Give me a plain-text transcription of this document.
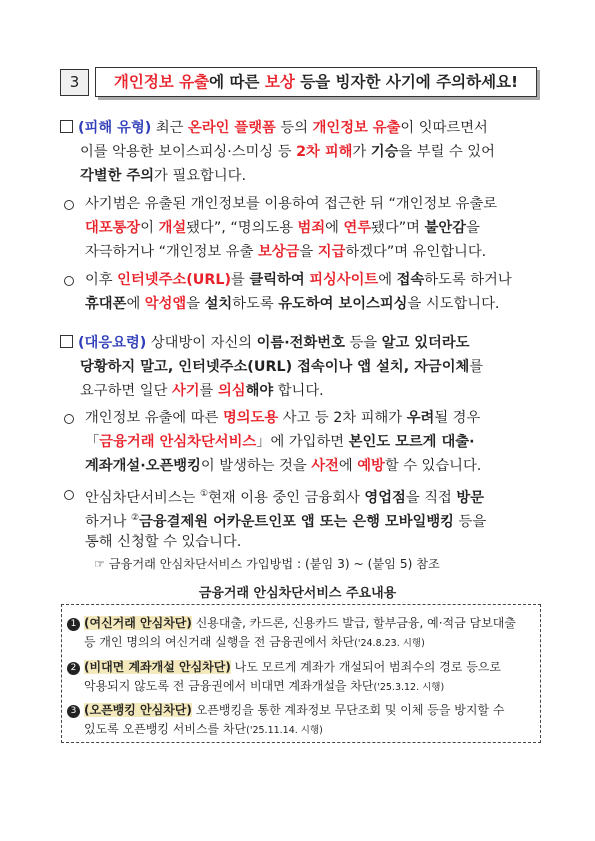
3	개인정보 유출에 따른 보상 등을 빙자한 사기에 주의하세요!
(피해 유형) 최근 온라인 플랫폼 등의 개인정보 유출이 잇따르면서
이를 악용한 보이스피싱·스미싱 등 2차 피해가 기승을 부릴 수 있어
각별한 주의가 필요합니다.
사기범은 유출된 개인정보를 이용하여 접근한 뒤 “개인정보 유출로
대포통장이 개설됐다”, “명의도용 범죄에 연루됐다”며 불안감을
자극하거나 “개인정보 유출 보상금을 지급하겠다”며 유인합니다.
이후 인터넷주소(URL)를 클릭하여 피싱사이트에 접속하도록 하거나
휴대폰에 악성앱을 설치하도록 유도하여 보이스피싱을 시도합니다.
(대응요령) 상대방이 자신의 이름·전화번호 등을 알고 있더라도
당황하지 말고, 인터넷주소(URL) 접속이나 앱 설치, 자금이체를
요구하면 일단 사기를 의심해야 합니다.
개인정보 유출에 따른 명의도용 사고 등 2차 피해가 우려될 경우
「금융거래 안심차단서비스」에 가입하면 본인도 모르게 대출·
계좌개설·오픈뱅킹이 발생하는 것을 사전에 예방할 수 있습니다.
안심차단서비스는 ①현재 이용 중인 금융회사 영업점을 직접 방문
하거나 ②금융결제원 어카운트인포 앱 또는 은행 모바일뱅킹 등을
통해 신청할 수 있습니다.
☞ 금융거래 안심차단서비스 가입방법 : (붙임 3) ~ (붙임 5) 참조
금융거래 안심차단서비스 주요내용
1 (여신거래 안심차단) 신용대출, 카드론, 신용카드 발급, 할부금융, 예·적금 담보대출
등 개인 명의의 여신거래 실행을 전 금융권에서 차단('24.8.23. 시행)
2 (비대면 계좌개설 안심차단) 나도 모르게 계좌가 개설되어 범죄수의 경로 등으로
악용되지 않도록 전 금융권에서 비대면 계좌개설을 차단('25.3.12. 시행)
3 (오픈뱅킹 안심차단) 오픈뱅킹을 통한 계좌정보 무단조회 및 이체 등을 방지할 수
있도록 오픈뱅킹 서비스를 차단('25.11.14. 시행)
